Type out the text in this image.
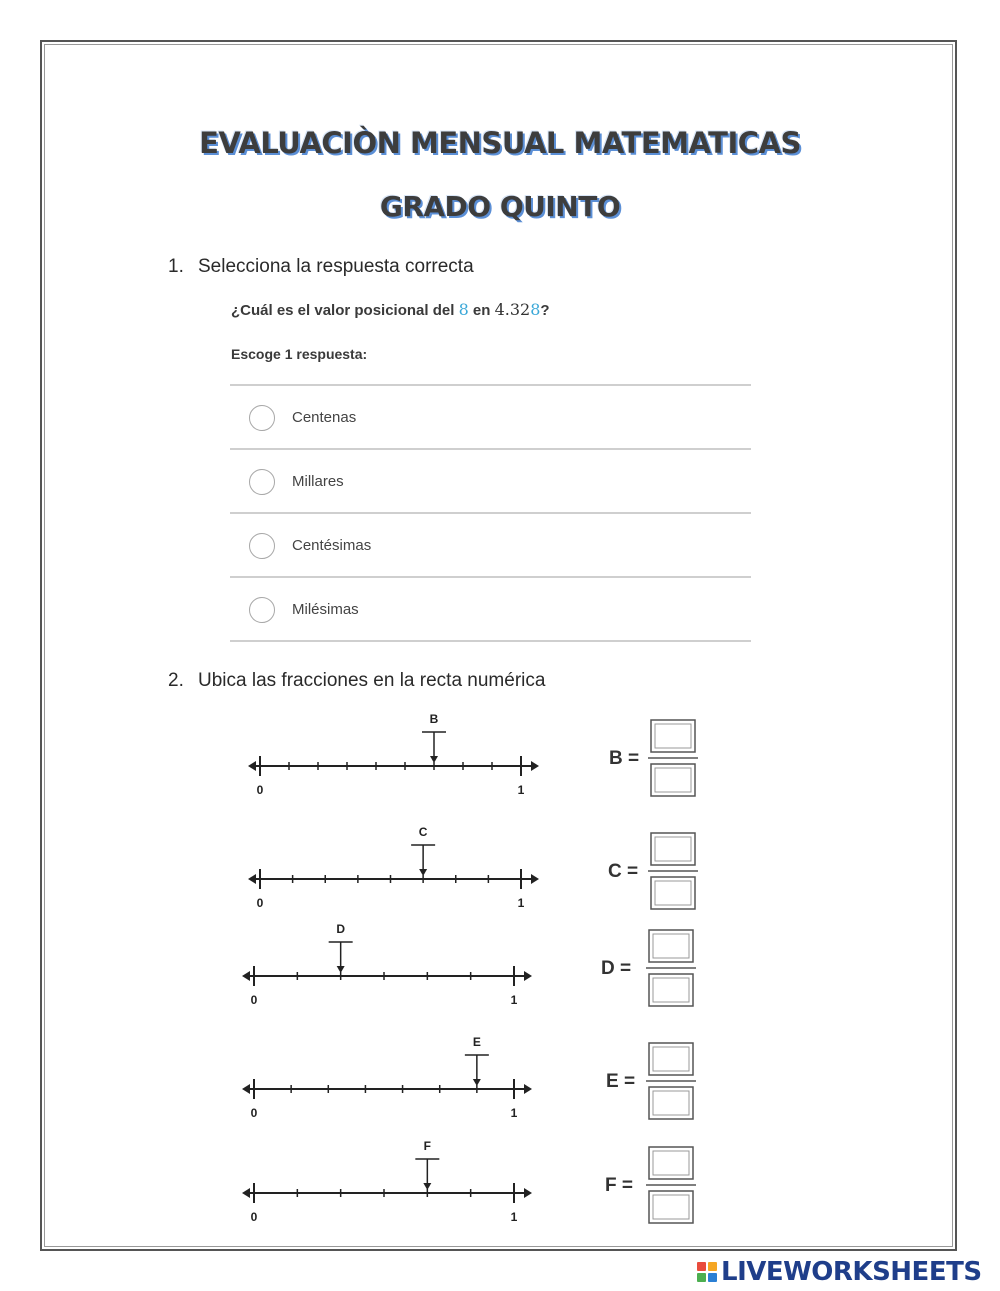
EVALUACIÒN MENSUAL MATEMATICAS
GRADO QUINTO
1. Selecciona la respuesta correcta
¿Cuál es el valor posicional del 8 en 4.328?
Escoge 1 respuesta:
Centenas
Millares
Centésimas
Milésimas
2. Ubica las fracciones en la recta numérica
0	1
B
B =
0	1
C
C =
0	1
D
D =
0	1
E
E =
0	1
F
F =
LIVEWORKSHEETS
